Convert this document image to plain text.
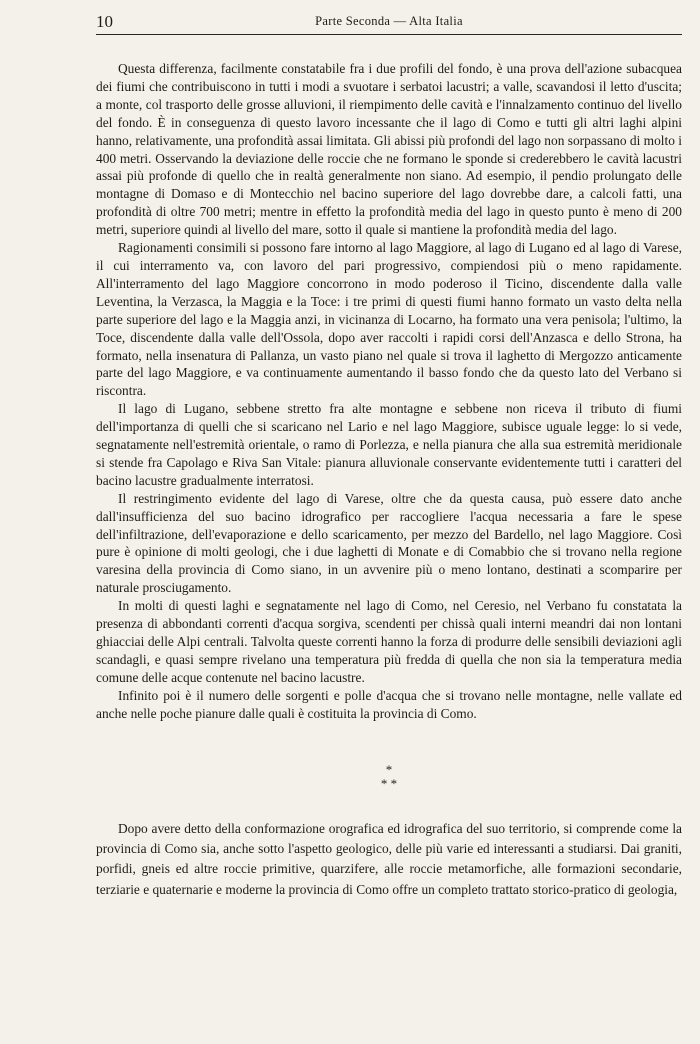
10	Parte Seconda — Alta Italia

Questa differenza, facilmente constatabile fra i due profili del fondo, è una prova dell'azione subacquea dei fiumi che contribuiscono in tutti i modi a svuotare i serbatoi lacustri; a valle, scavandosi il letto d'uscita; a monte, col trasporto delle grosse alluvioni, il riempimento delle cavità e l'innalzamento continuo del livello del fondo. È in conseguenza di questo lavoro incessante che il lago di Como e tutti gli altri laghi alpini hanno, relativamente, una profondità assai limitata. Gli abissi più profondi del lago non sorpassano di molto i 400 metri. Osservando la deviazione delle roccie che ne formano le sponde si crederebbero le cavità lacustri assai più profonde di quello che in realtà generalmente non siano. Ad esempio, il pendio prolungato delle montagne di Domaso e di Montecchio nel bacino superiore del lago dovrebbe dare, a calcoli fatti, una profondità di oltre 700 metri; mentre in effetto la profondità media del lago in questo punto è meno di 200 metri, superiore quindi al livello del mare, sotto il quale si mantiene la profondità media del lago.

Ragionamenti consimili si possono fare intorno al lago Maggiore, al lago di Lugano ed al lago di Varese, il cui interramento va, con lavoro del pari progressivo, compiendosi più o meno rapidamente. All'interramento del lago Maggiore concorrono in modo poderoso il Ticino, discendente dalla valle Leventina, la Verzasca, la Maggia e la Toce: i tre primi di questi fiumi hanno formato un vasto delta nella parte superiore del lago e la Maggia anzi, in vicinanza di Locarno, ha formato una vera penisola; l'ultimo, la Toce, discendente dalla valle dell'Ossola, dopo aver raccolti i rapidi corsi dell'Anzasca e dello Strona, ha formato, nella insenatura di Pallanza, un vasto piano nel quale si trova il laghetto di Mergozzo anticamente parte del lago Maggiore, e va continuamente aumentando il basso fondo che da questo lato del Verbano si riscontra.

Il lago di Lugano, sebbene stretto fra alte montagne e sebbene non riceva il tributo di fiumi dell'importanza di quelli che si scaricano nel Lario e nel lago Maggiore, subisce uguale legge: lo si vede, segnatamente nell'estremità orientale, o ramo di Porlezza, e nella pianura che alla sua estremità meridionale si stende fra Capolago e Riva San Vitale: pianura alluvionale conservante evidentemente tutti i caratteri del bacino lacustre gradualmente interratosi.

Il restringimento evidente del lago di Varese, oltre che da questa causa, può essere dato anche dall'insufficienza del suo bacino idrografico per raccogliere l'acqua necessaria a fare le spese dell'infiltrazione, dell'evaporazione e dello scaricamento, per mezzo del Bardello, nel lago Maggiore. Così pure è opinione di molti geologi, che i due laghetti di Monate e di Comabbio che si trovano nella regione varesina della provincia di Como siano, in un avvenire più o meno lontano, destinati a scomparire per naturale prosciugamento.

In molti di questi laghi e segnatamente nel lago di Como, nel Ceresio, nel Verbano fu constatata la presenza di abbondanti correnti d'acqua sorgiva, scendenti per chissà quali interni meandri dai non lontani ghiacciai delle Alpi centrali. Talvolta queste correnti hanno la forza di produrre delle sensibili deviazioni agli scandagli, e quasi sempre rivelano una temperatura più fredda di quella che non sia la temperatura media comune delle acque contenute nel bacino lacustre.

Infinito poi è il numero delle sorgenti e polle d'acqua che si trovano nelle montagne, nelle vallate ed anche nelle poche pianure dalle quali è costituita la provincia di Como.

*
* *

Dopo avere detto della conformazione orografica ed idrografica del suo territorio, si comprende come la provincia di Como sia, anche sotto l'aspetto geologico, delle più varie ed interessanti a studiarsi. Dai graniti, porfidi, gneis ed altre roccie primitive, quarzifere, alle roccie metamorfiche, alle formazioni secondarie, terziarie e quaternarie e moderne la provincia di Como offre un completo trattato storico-pratico di geologia,
